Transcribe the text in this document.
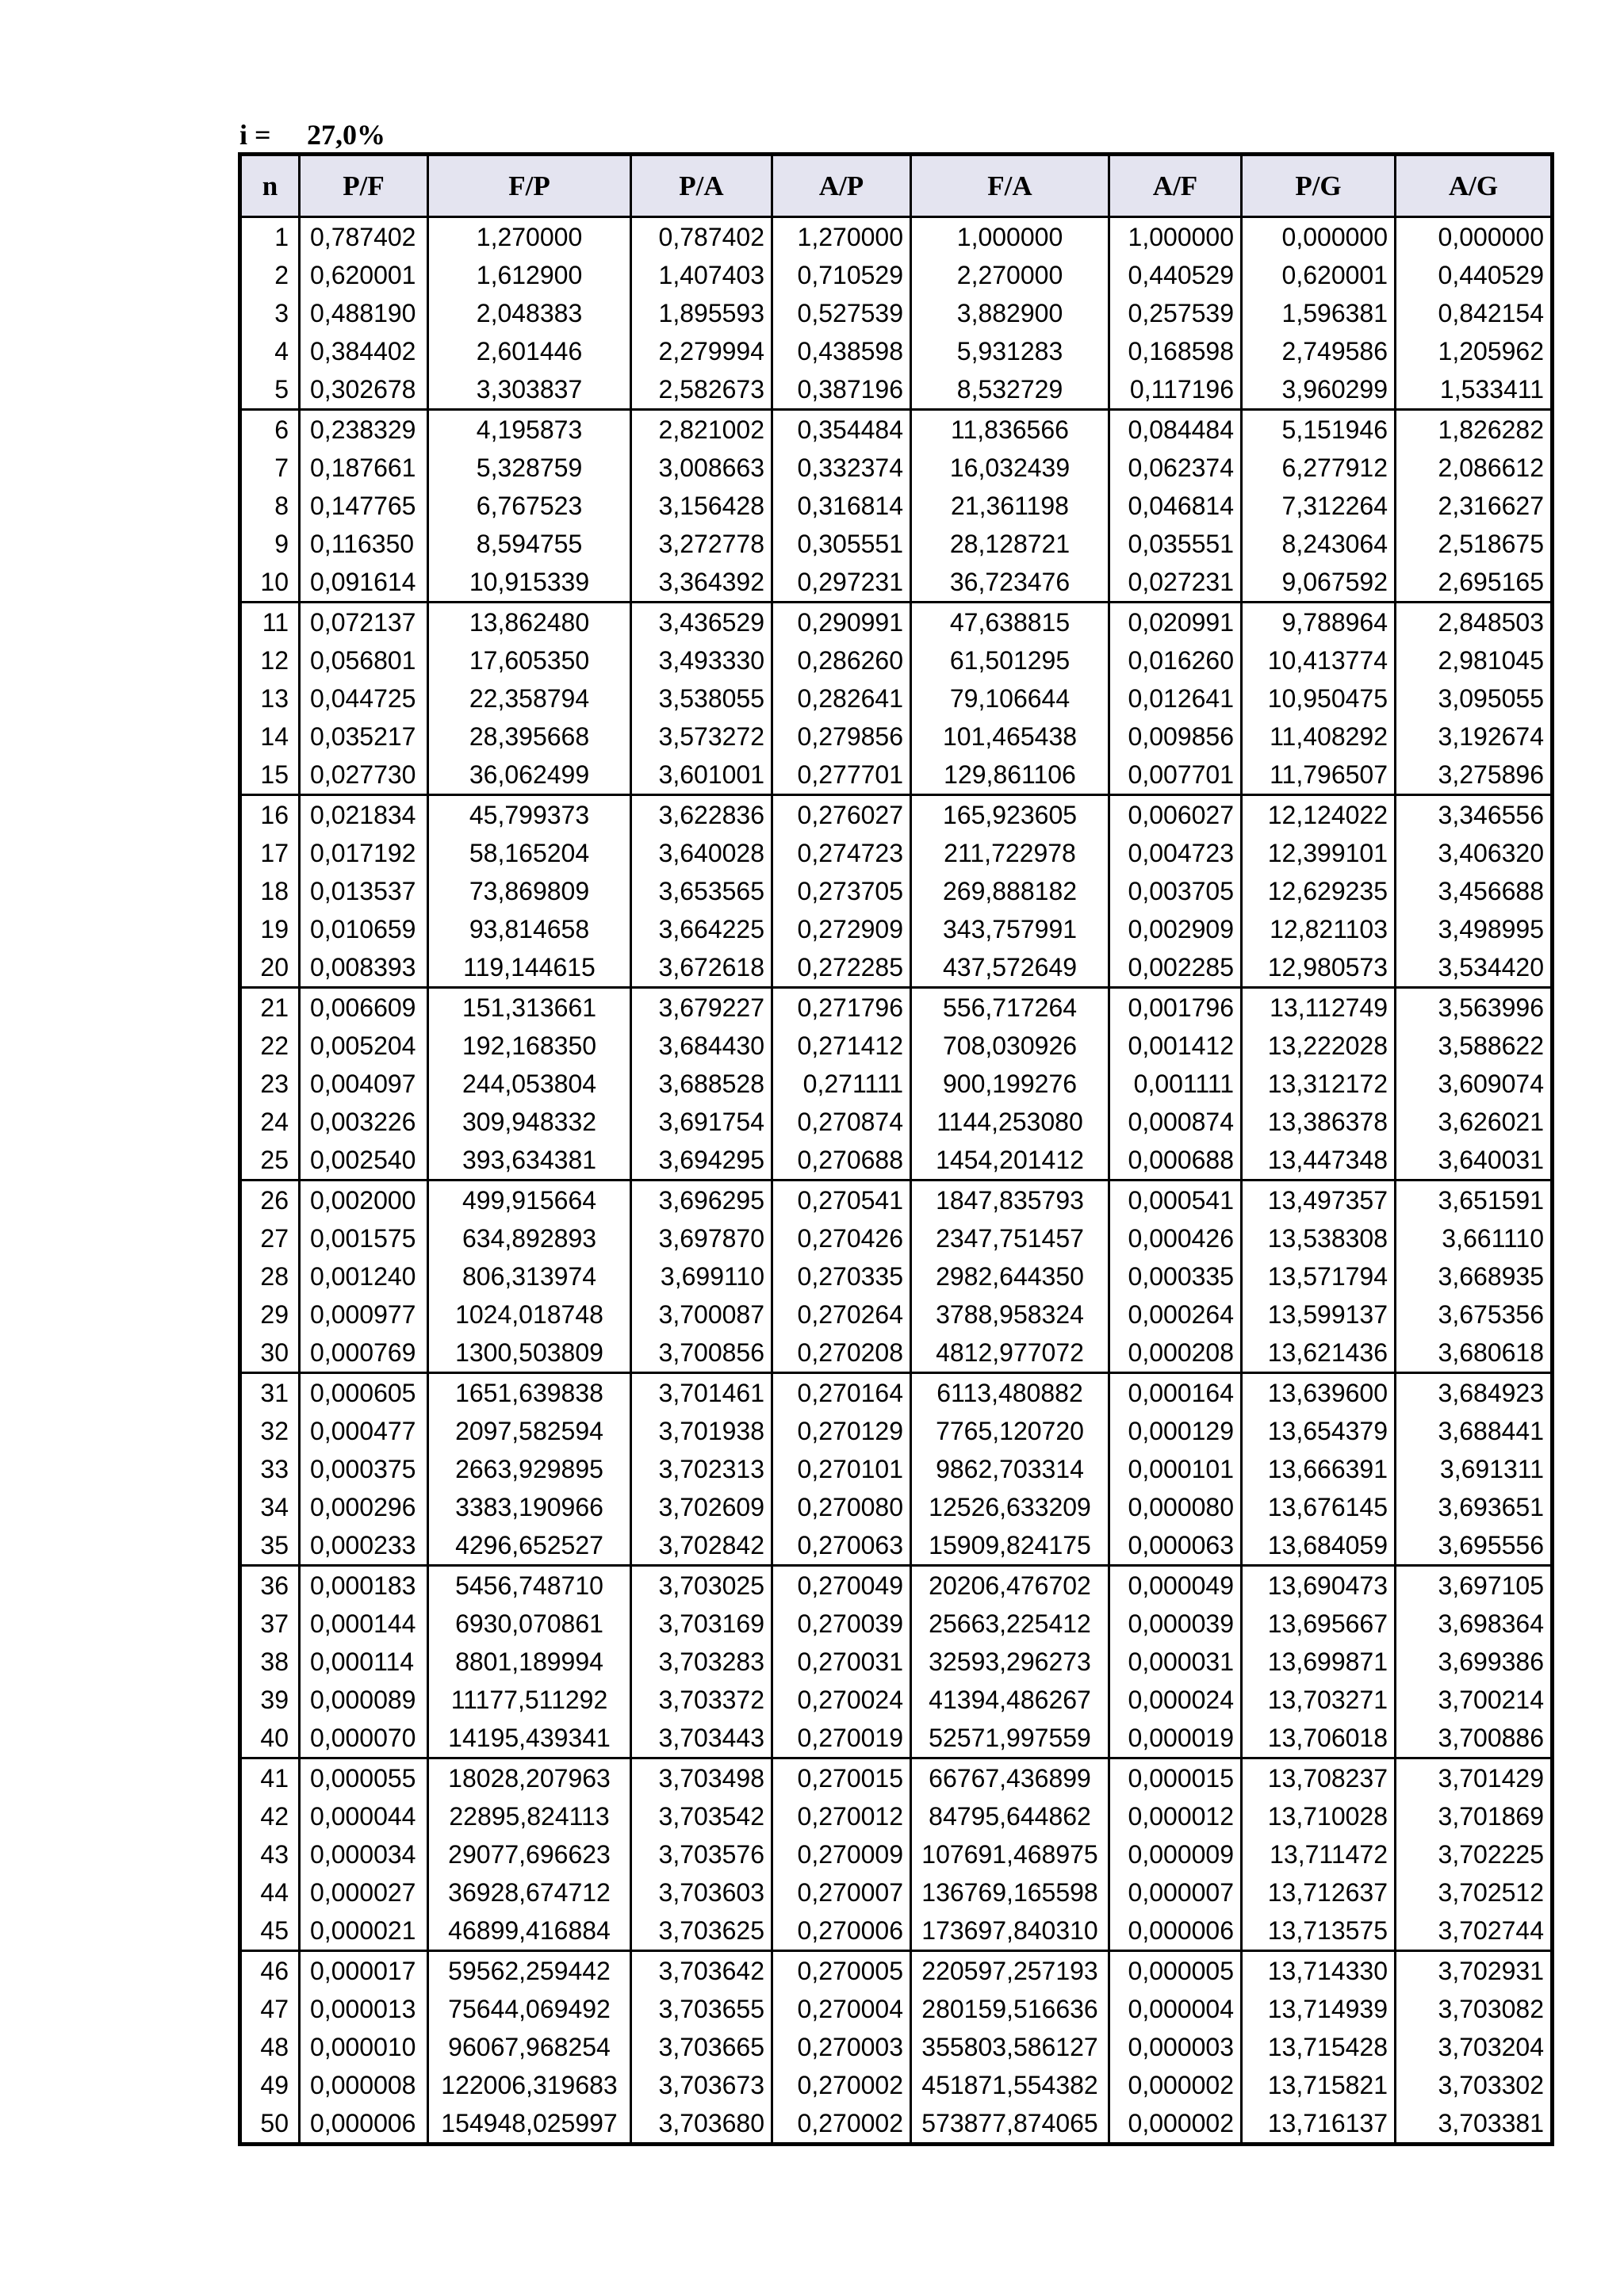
i = 27,0%
n	P/F	F/P	P/A	A/P	F/A	A/F	P/G	A/G
1	0,787402	1,270000	0,787402	1,270000	1,000000	1,000000	0,000000	0,000000
2	0,620001	1,612900	1,407403	0,710529	2,270000	0,440529	0,620001	0,440529
3	0,488190	2,048383	1,895593	0,527539	3,882900	0,257539	1,596381	0,842154
4	0,384402	2,601446	2,279994	0,438598	5,931283	0,168598	2,749586	1,205962
5	0,302678	3,303837	2,582673	0,387196	8,532729	0,117196	3,960299	1,533411
6	0,238329	4,195873	2,821002	0,354484	11,836566	0,084484	5,151946	1,826282
7	0,187661	5,328759	3,008663	0,332374	16,032439	0,062374	6,277912	2,086612
8	0,147765	6,767523	3,156428	0,316814	21,361198	0,046814	7,312264	2,316627
9	0,116350	8,594755	3,272778	0,305551	28,128721	0,035551	8,243064	2,518675
10	0,091614	10,915339	3,364392	0,297231	36,723476	0,027231	9,067592	2,695165
11	0,072137	13,862480	3,436529	0,290991	47,638815	0,020991	9,788964	2,848503
12	0,056801	17,605350	3,493330	0,286260	61,501295	0,016260	10,413774	2,981045
13	0,044725	22,358794	3,538055	0,282641	79,106644	0,012641	10,950475	3,095055
14	0,035217	28,395668	3,573272	0,279856	101,465438	0,009856	11,408292	3,192674
15	0,027730	36,062499	3,601001	0,277701	129,861106	0,007701	11,796507	3,275896
16	0,021834	45,799373	3,622836	0,276027	165,923605	0,006027	12,124022	3,346556
17	0,017192	58,165204	3,640028	0,274723	211,722978	0,004723	12,399101	3,406320
18	0,013537	73,869809	3,653565	0,273705	269,888182	0,003705	12,629235	3,456688
19	0,010659	93,814658	3,664225	0,272909	343,757991	0,002909	12,821103	3,498995
20	0,008393	119,144615	3,672618	0,272285	437,572649	0,002285	12,980573	3,534420
21	0,006609	151,313661	3,679227	0,271796	556,717264	0,001796	13,112749	3,563996
22	0,005204	192,168350	3,684430	0,271412	708,030926	0,001412	13,222028	3,588622
23	0,004097	244,053804	3,688528	0,271111	900,199276	0,001111	13,312172	3,609074
24	0,003226	309,948332	3,691754	0,270874	1144,253080	0,000874	13,386378	3,626021
25	0,002540	393,634381	3,694295	0,270688	1454,201412	0,000688	13,447348	3,640031
26	0,002000	499,915664	3,696295	0,270541	1847,835793	0,000541	13,497357	3,651591
27	0,001575	634,892893	3,697870	0,270426	2347,751457	0,000426	13,538308	3,661110
28	0,001240	806,313974	3,699110	0,270335	2982,644350	0,000335	13,571794	3,668935
29	0,000977	1024,018748	3,700087	0,270264	3788,958324	0,000264	13,599137	3,675356
30	0,000769	1300,503809	3,700856	0,270208	4812,977072	0,000208	13,621436	3,680618
31	0,000605	1651,639838	3,701461	0,270164	6113,480882	0,000164	13,639600	3,684923
32	0,000477	2097,582594	3,701938	0,270129	7765,120720	0,000129	13,654379	3,688441
33	0,000375	2663,929895	3,702313	0,270101	9862,703314	0,000101	13,666391	3,691311
34	0,000296	3383,190966	3,702609	0,270080	12526,633209	0,000080	13,676145	3,693651
35	0,000233	4296,652527	3,702842	0,270063	15909,824175	0,000063	13,684059	3,695556
36	0,000183	5456,748710	3,703025	0,270049	20206,476702	0,000049	13,690473	3,697105
37	0,000144	6930,070861	3,703169	0,270039	25663,225412	0,000039	13,695667	3,698364
38	0,000114	8801,189994	3,703283	0,270031	32593,296273	0,000031	13,699871	3,699386
39	0,000089	11177,511292	3,703372	0,270024	41394,486267	0,000024	13,703271	3,700214
40	0,000070	14195,439341	3,703443	0,270019	52571,997559	0,000019	13,706018	3,700886
41	0,000055	18028,207963	3,703498	0,270015	66767,436899	0,000015	13,708237	3,701429
42	0,000044	22895,824113	3,703542	0,270012	84795,644862	0,000012	13,710028	3,701869
43	0,000034	29077,696623	3,703576	0,270009	107691,468975	0,000009	13,711472	3,702225
44	0,000027	36928,674712	3,703603	0,270007	136769,165598	0,000007	13,712637	3,702512
45	0,000021	46899,416884	3,703625	0,270006	173697,840310	0,000006	13,713575	3,702744
46	0,000017	59562,259442	3,703642	0,270005	220597,257193	0,000005	13,714330	3,702931
47	0,000013	75644,069492	3,703655	0,270004	280159,516636	0,000004	13,714939	3,703082
48	0,000010	96067,968254	3,703665	0,270003	355803,586127	0,000003	13,715428	3,703204
49	0,000008	122006,319683	3,703673	0,270002	451871,554382	0,000002	13,715821	3,703302
50	0,000006	154948,025997	3,703680	0,270002	573877,874065	0,000002	13,716137	3,703381
